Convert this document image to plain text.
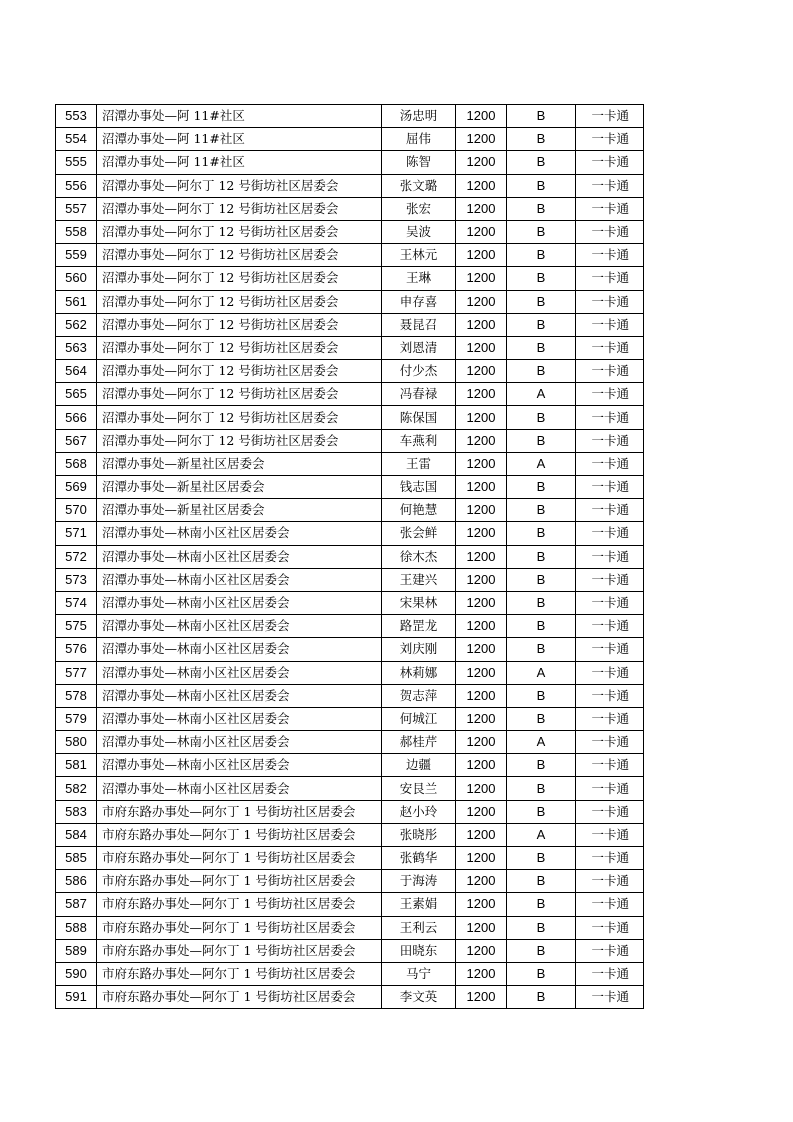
553	沼潭办事处—阿 11#社区	汤忠明	1200	B	一卡通
554	沼潭办事处—阿 11#社区	屈伟	1200	B	一卡通
555	沼潭办事处—阿 11#社区	陈智	1200	B	一卡通
556	沼潭办事处—阿尔丁 12 号街坊社区居委会	张文璐	1200	B	一卡通
557	沼潭办事处—阿尔丁 12 号街坊社区居委会	张宏	1200	B	一卡通
558	沼潭办事处—阿尔丁 12 号街坊社区居委会	吴波	1200	B	一卡通
559	沼潭办事处—阿尔丁 12 号街坊社区居委会	王林元	1200	B	一卡通
560	沼潭办事处—阿尔丁 12 号街坊社区居委会	王琳	1200	B	一卡通
561	沼潭办事处—阿尔丁 12 号街坊社区居委会	申存喜	1200	B	一卡通
562	沼潭办事处—阿尔丁 12 号街坊社区居委会	聂昆召	1200	B	一卡通
563	沼潭办事处—阿尔丁 12 号街坊社区居委会	刘恩清	1200	B	一卡通
564	沼潭办事处—阿尔丁 12 号街坊社区居委会	付少杰	1200	B	一卡通
565	沼潭办事处—阿尔丁 12 号街坊社区居委会	冯春禄	1200	A	一卡通
566	沼潭办事处—阿尔丁 12 号街坊社区居委会	陈保国	1200	B	一卡通
567	沼潭办事处—阿尔丁 12 号街坊社区居委会	车燕利	1200	B	一卡通
568	沼潭办事处—新星社区居委会	王雷	1200	A	一卡通
569	沼潭办事处—新星社区居委会	钱志国	1200	B	一卡通
570	沼潭办事处—新星社区居委会	何艳慧	1200	B	一卡通
571	沼潭办事处—林南小区社区居委会	张会鲜	1200	B	一卡通
572	沼潭办事处—林南小区社区居委会	徐木杰	1200	B	一卡通
573	沼潭办事处—林南小区社区居委会	王建兴	1200	B	一卡通
574	沼潭办事处—林南小区社区居委会	宋果林	1200	B	一卡通
575	沼潭办事处—林南小区社区居委会	路罡龙	1200	B	一卡通
576	沼潭办事处—林南小区社区居委会	刘庆刚	1200	B	一卡通
577	沼潭办事处—林南小区社区居委会	林莉娜	1200	A	一卡通
578	沼潭办事处—林南小区社区居委会	贺志萍	1200	B	一卡通
579	沼潭办事处—林南小区社区居委会	何城江	1200	B	一卡通
580	沼潭办事处—林南小区社区居委会	郝桂芹	1200	A	一卡通
581	沼潭办事处—林南小区社区居委会	边疆	1200	B	一卡通
582	沼潭办事处—林南小区社区居委会	安艮兰	1200	B	一卡通
583	市府东路办事处—阿尔丁 1 号街坊社区居委会	赵小玲	1200	B	一卡通
584	市府东路办事处—阿尔丁 1 号街坊社区居委会	张晓彤	1200	A	一卡通
585	市府东路办事处—阿尔丁 1 号街坊社区居委会	张鹤华	1200	B	一卡通
586	市府东路办事处—阿尔丁 1 号街坊社区居委会	于海涛	1200	B	一卡通
587	市府东路办事处—阿尔丁 1 号街坊社区居委会	王素娟	1200	B	一卡通
588	市府东路办事处—阿尔丁 1 号街坊社区居委会	王利云	1200	B	一卡通
589	市府东路办事处—阿尔丁 1 号街坊社区居委会	田晓东	1200	B	一卡通
590	市府东路办事处—阿尔丁 1 号街坊社区居委会	马宁	1200	B	一卡通
591	市府东路办事处—阿尔丁 1 号街坊社区居委会	李文英	1200	B	一卡通
